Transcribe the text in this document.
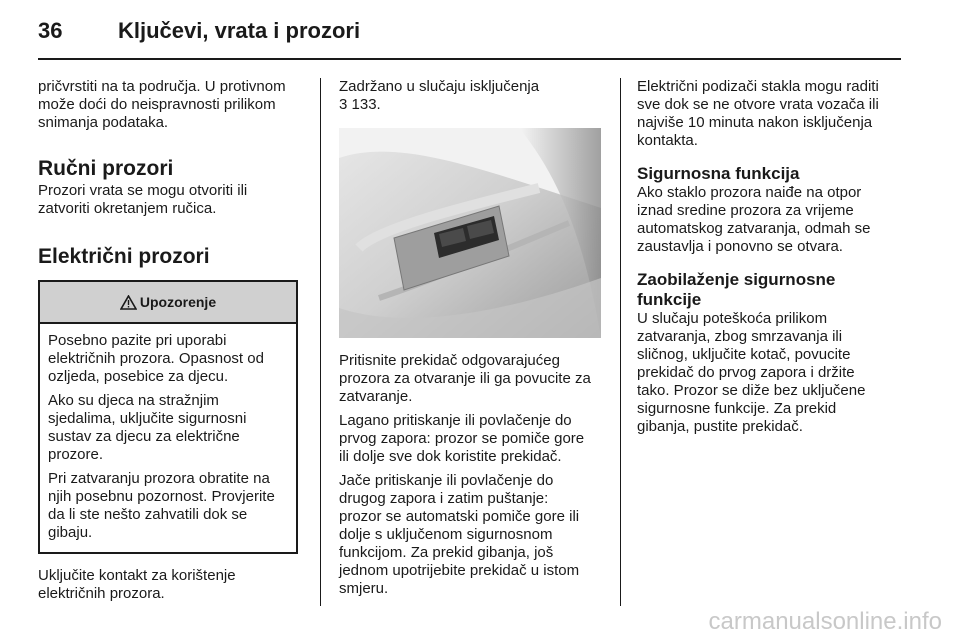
36	Ključevi, vrata i prozori

pričvrstiti na ta područja. U protivnom
može doći do neispravnosti prilikom
snimanja podataka.

Ručni prozori

Prozori vrata se mogu otvoriti ili
zatvoriti okretanjem ručica.

Električni prozori
Upozorenje

Posebno pazite pri uporabi
električnih prozora. Opasnost od
ozljeda, posebice za djecu.

Ako su djeca na stražnjim
sjedalima, uključite sigurnosni
sustav za djecu za električne
prozore.

Pri zatvaranju prozora obratite na
njih posebnu pozornost. Provjerite
da li ste nešto zahvatili dok se
gibaju.

Uključite kontakt za korištenje
električnih prozora.

Zadržano u slučaju isključenja
3 133.

Pritisnite prekidač odgovarajućeg
prozora za otvaranje ili ga povucite za
zatvaranje.

Lagano pritiskanje ili povlačenje do
prvog zapora: prozor se pomiče gore
ili dolje sve dok koristite prekidač.

Jače pritiskanje ili povlačenje do
drugog zapora i zatim puštanje:
prozor se automatski pomiče gore ili
dolje s uključenom sigurnosnom
funkcijom. Za prekid gibanja, još
jednom upotrijebite prekidač u istom
smjeru.

Električni podizači stakla mogu raditi
sve dok se ne otvore vrata vozača ili
najviše 10 minuta nakon isključenja
kontakta.

Sigurnosna funkcija

Ako staklo prozora naiđe na otpor
iznad sredine prozora za vrijeme
automatskog zatvaranja, odmah se
zaustavlja i ponovno se otvara.

Zaobilaženje sigurnosne
funkcije

U slučaju poteškoća prilikom
zatvaranja, zbog smrzavanja ili
sličnog, uključite kotač, povucite
prekidač do prvog zapora i držite
tako. Prozor se diže bez uključene
sigurnosne funkcije. Za prekid
gibanja, pustite prekidač.

carmanualsonline.info
